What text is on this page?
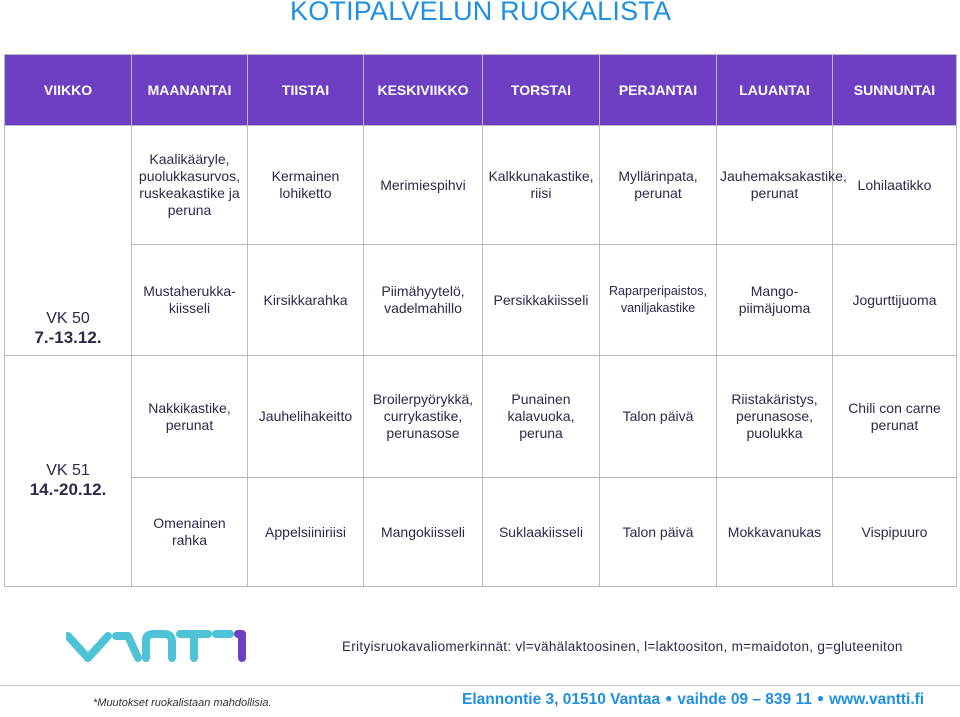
KOTIPALVELUN RUOKALISTA
VIIKKO	MAANANTAI	TIISTAI	KESKIVIIKKO	TORSTAI	PERJANTAI	LAUANTAI	SUNNUNTAI

VK 50
7.-13.12.	Kaalikääryle, puolukkasurvos, ruskeakastike ja peruna	Kermainen lohiketto	Merimiespihvi	Kalkkunakastike, riisi	Myllärinpata, perunat	Jauhemaksakastike, perunat	Lohilaatikko
	Mustaherukka-kiisseli	Kirsikkarahka	Piimähyytelö, vadelmahillo	Persikkakiisseli	Raparperipaistos, vaniljakastike	Mango-piimäjuoma	Jogurttijuoma

VK 51
14.-20.12.	Nakkikastike, perunat	Jauhelihakeitto	Broilerpyörykkä, currykastike, perunasose	Punainen kalavuoka, peruna	Talon päivä	Riistakäristys, perunasose, puolukka	Chili con carne perunat
	Omenainen rahka	Appelsiiniriisi	Mangokiisseli	Suklaakiisseli	Talon päivä	Mokkavanukas	Vispipuuro
Erityisruokavaliomerkinnät: vl=vähälaktoosinen, l=laktoositon, m=maidoton, g=gluteeniton
*Muutokset ruokalistaan mahdollisia.	Elannontie 3, 01510 Vantaa ● vaihde 09 – 839 11 ● www.vantti.fi
